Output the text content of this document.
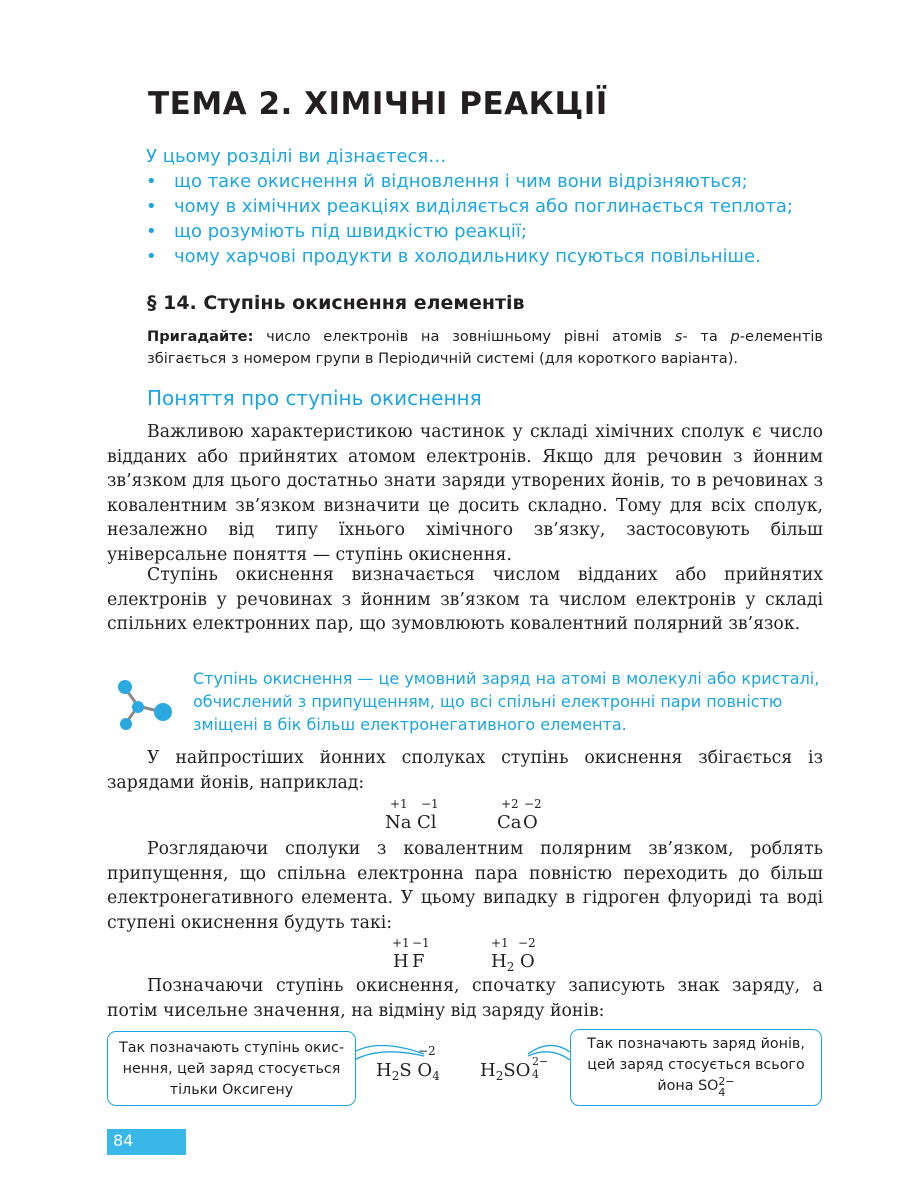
ТЕМА 2. ХІМІЧНІ РЕАКЦІЇ

У цьому розділі ви дізнаєтеся…

• що таке окиснення й відновлення і чим вони відрізняються;
• чому в хімічних реакціях виділяється або поглинається теплота;
• що розуміють під швидкістю реакції;
• чому харчові продукти в холодильнику псуються повільніше.
§ 14. Ступінь окиснення елементів
Пригадайте: число електронів на зовнішньому рівні атомів s- та p-елементів збігається з номером групи в Періодичній системі (для короткого варіанта).
Поняття про ступінь окиснення

Важливою характеристикою частинок у складі хімічних сполук є число відданих або прийнятих атомом електронів. Якщо для речовин з йонним зв’язком для цього достатньо знати заряди утворених йонів, то в речовинах з ковалентним зв’язком визначити це досить складно. Тому для всіх сполук, незалежно від типу їхнього хімічного зв’язку, застосовують більш універсальне поняття — ступінь окиснення.

Ступінь окиснення визначається числом відданих або прийнятих електронів у речовинах з йонним зв’язком та числом електронів у складі спільних електронних пар, що зумовлюють ковалентний полярний зв’язок.

Ступінь окиснення — це умовний заряд на атомі в молекулі або кристалі, обчислений з припущенням, що всі спільні електронні пари повністю зміщені в бік більш електронегативного елемента.

У найпростіших йонних сполуках ступінь окиснення збігається із зарядами йонів, наприклад:

+1 −1
Na Cl
+2 −2
Ca O

Розглядаючи сполуки з ковалентним полярним зв’язком, роблять припущення, що спільна електронна пара повністю переходить до більш електронегативного елемента. У цьому випадку в гідроген флуориді та воді ступені окиснення будуть такі:

+1 −1
H F
+1 −2
$H_2$ O

Позначаючи ступінь окиснення, спочатку записують знак заряду, а потім чисельне значення, на відміну від заряду йонів:

Так позначають ступінь окис-нення, цей заряд стосується тільки Оксигену
Так позначають заряд йонів, цей заряд стосується всього йона SO 2−
4
−2
$H_2S$ $O_4$ $H_2SO$ 2−
4
84
